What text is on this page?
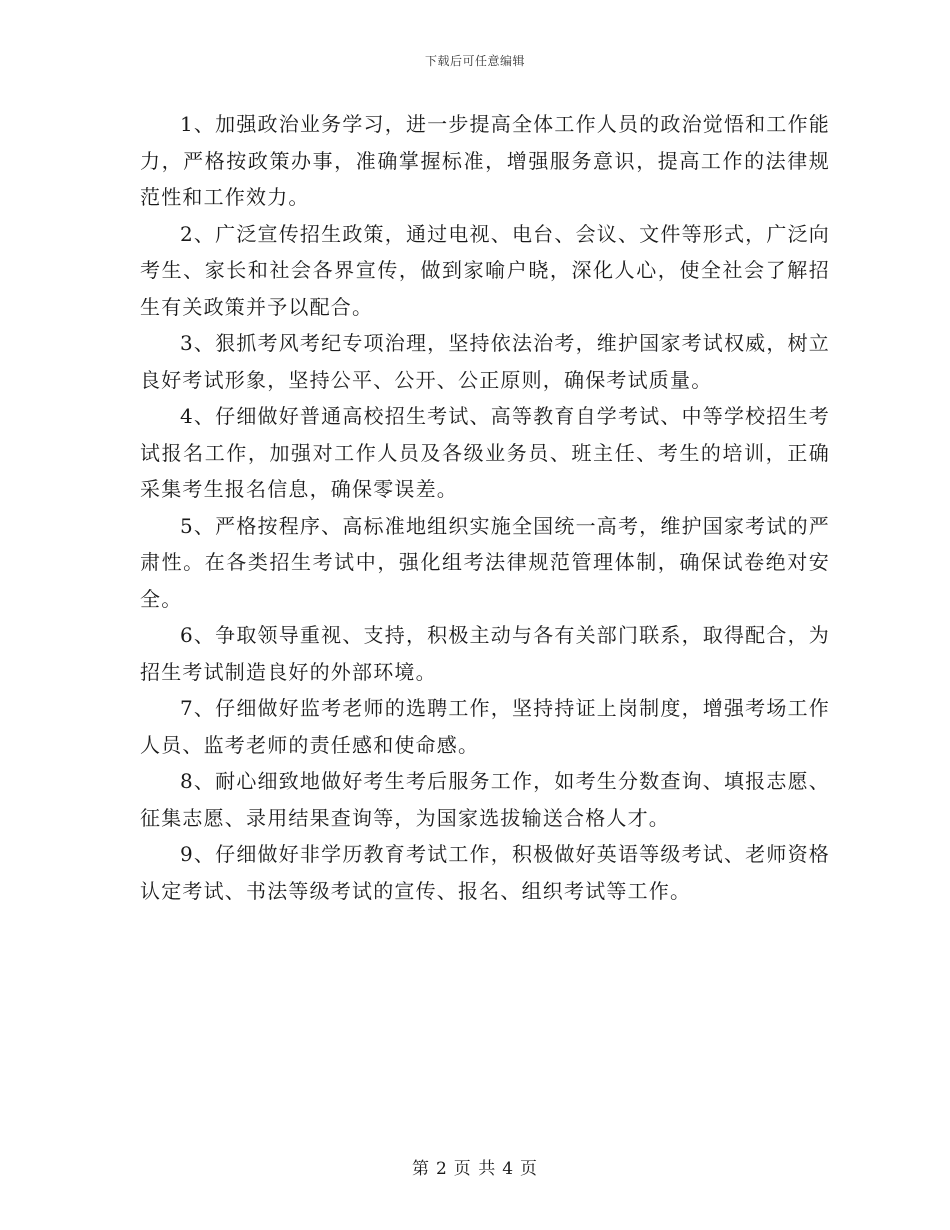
下载后可任意编辑

1、加强政治业务学习，进一步提高全体工作人员的政治觉悟和工作能力，严格按政策办事，准确掌握标准，增强服务意识，提高工作的法律规范性和工作效力。

2、广泛宣传招生政策，通过电视、电台、会议、文件等形式，广泛向考生、家长和社会各界宣传，做到家喻户晓，深化人心，使全社会了解招生有关政策并予以配合。

3、狠抓考风考纪专项治理，坚持依法治考，维护国家考试权威，树立良好考试形象，坚持公平、公开、公正原则，确保考试质量。

4、仔细做好普通高校招生考试、高等教育自学考试、中等学校招生考试报名工作，加强对工作人员及各级业务员、班主任、考生的培训，正确采集考生报名信息，确保零误差。

5、严格按程序、高标准地组织实施全国统一高考，维护国家考试的严肃性。在各类招生考试中，强化组考法律规范管理体制，确保试卷绝对安全。

6、争取领导重视、支持，积极主动与各有关部门联系，取得配合，为招生考试制造良好的外部环境。

7、仔细做好监考老师的选聘工作，坚持持证上岗制度，增强考场工作人员、监考老师的责任感和使命感。

8、耐心细致地做好考生考后服务工作，如考生分数查询、填报志愿、征集志愿、录用结果查询等，为国家选拔输送合格人才。

9、仔细做好非学历教育考试工作，积极做好英语等级考试、老师资格认定考试、书法等级考试的宣传、报名、组织考试等工作。

第 2 页 共 4 页
